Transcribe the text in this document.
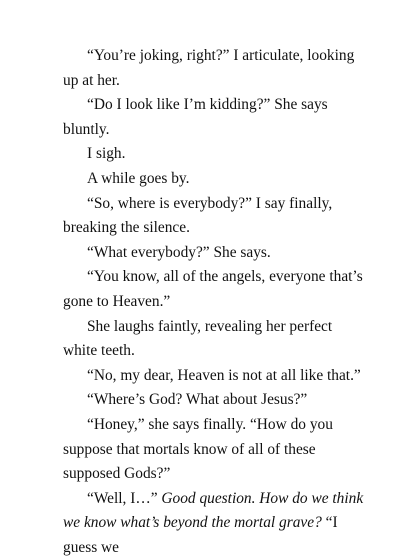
“You’re joking, right?” I articulate, looking up at her.

“Do I look like I’m kidding?” She says bluntly.

I sigh.

A while goes by.

“So, where is everybody?” I say finally, breaking the silence.

“What everybody?” She says.

“You know, all of the angels, everyone that’s gone to Heaven.”

She laughs faintly, revealing her perfect white teeth.

“No, my dear, Heaven is not at all like that.”

“Where’s God? What about Jesus?”

“Honey,” she says finally. “How do you suppose that mortals know of all of these supposed Gods?”

“Well, I…” Good question. How do we think we know what’s beyond the mortal grave? “I guess we
